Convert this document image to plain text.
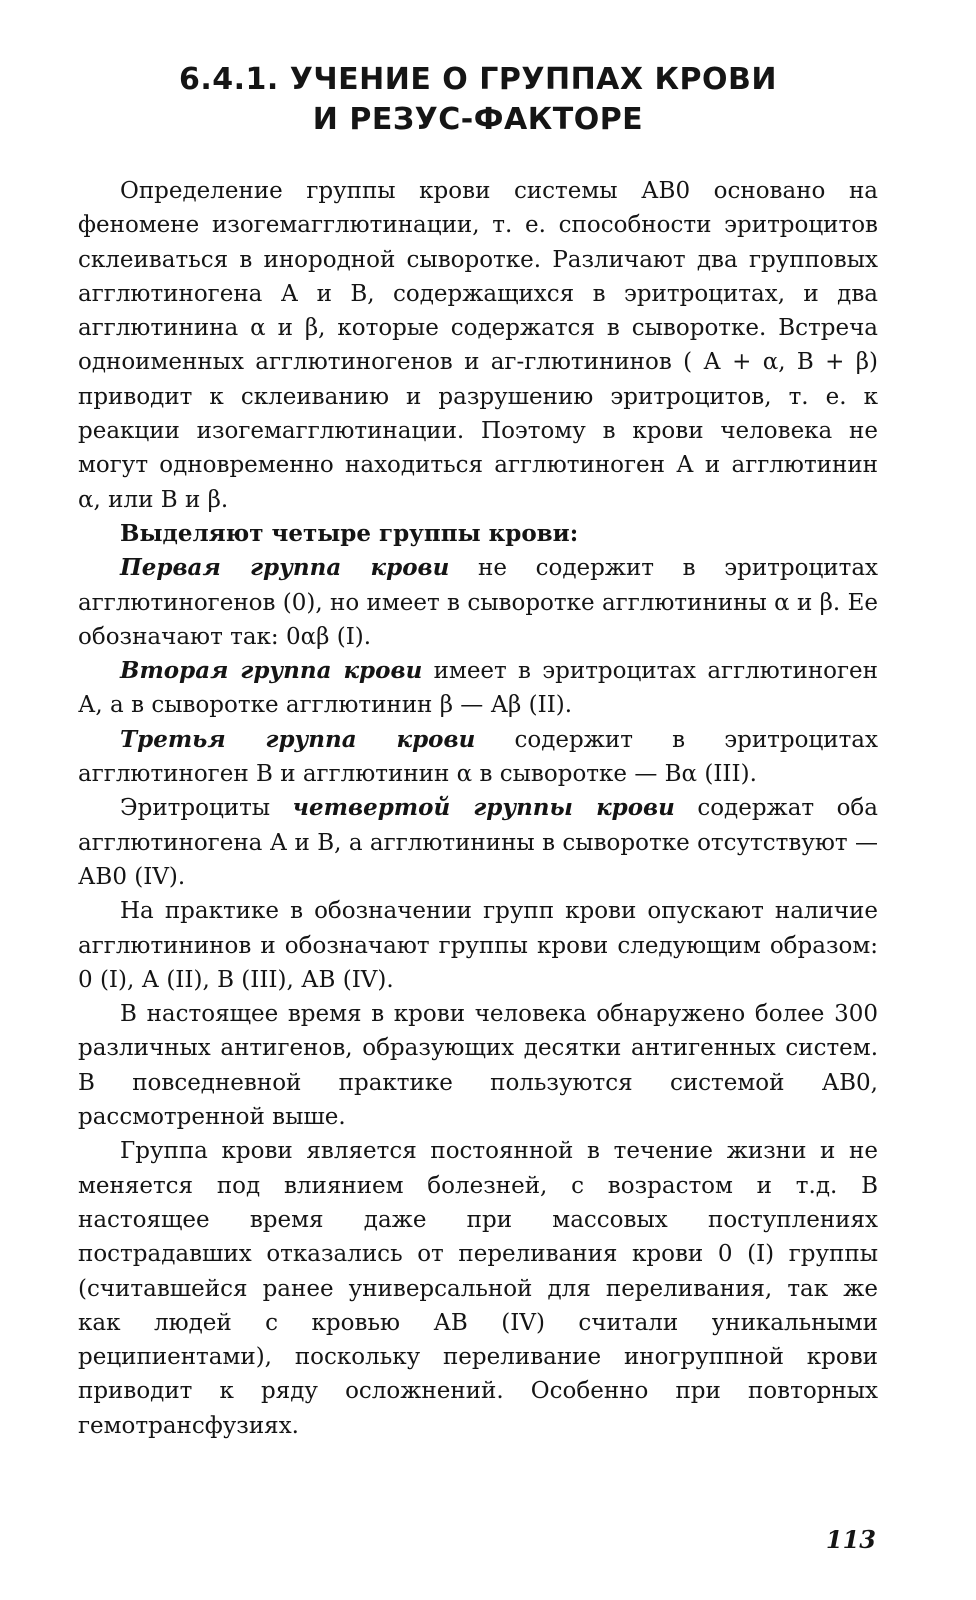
6.4.1. УЧЕНИЕ О ГРУППАХ КРОВИ
И РЕЗУС-ФАКТОРЕ

Определение группы крови системы АВ0 основано на феномене изогемагглютинации, т. е. способности эритроцитов склеиваться в инородной сыворотке. Различают два групповых агглютиногена А и В, содержащихся в эритроцитах, и два агглютинина α и β, которые содержатся в сыворотке. Встреча одноименных агглютиногенов и аг-глютининов ( А + α, В + β) приводит к склеиванию и разрушению эритроцитов, т. е. к реакции изогемагглютинации. Поэтому в крови человека не могут одновременно находиться агглютиноген А и агглютинин α, или В и β.

Выделяют четыре группы крови:

Первая группа крови не содержит в эритроцитах агглютиногенов (0), но имеет в сыворотке агглютинины α и β. Ее обозначают так: 0αβ (I).

Вторая группа крови имеет в эритроцитах агглютиноген А, а в сыворотке агглютинин β — Аβ (II).

Третья группа крови содержит в эритроцитах агглютиноген В и агглютинин α в сыворотке — Вα (III).

Эритроциты четвертой группы крови содержат оба агглютиногена А и В, а агглютинины в сыворотке отсутствуют — АВ0 (IV).

На практике в обозначении групп крови опускают наличие агглютининов и обозначают группы крови следующим образом: 0 (I), А (II), В (III), АВ (IV).

В настоящее время в крови человека обнаружено более 300 различных антигенов, образующих десятки антигенных систем. В повседневной практике пользуются системой АВ0, рассмотренной выше.

Группа крови является постоянной в течение жизни и не меняется под влиянием болезней, с возрастом и т.д. В настоящее время даже при массовых поступлениях пострадавших отказались от переливания крови 0 (I) группы (считавшейся ранее универсальной для переливания, так же как людей с кровью АВ (IV) считали уникальными реципиентами), поскольку переливание иногруппной крови приводит к ряду осложнений. Особенно при повторных гемотрансфузиях.

113
